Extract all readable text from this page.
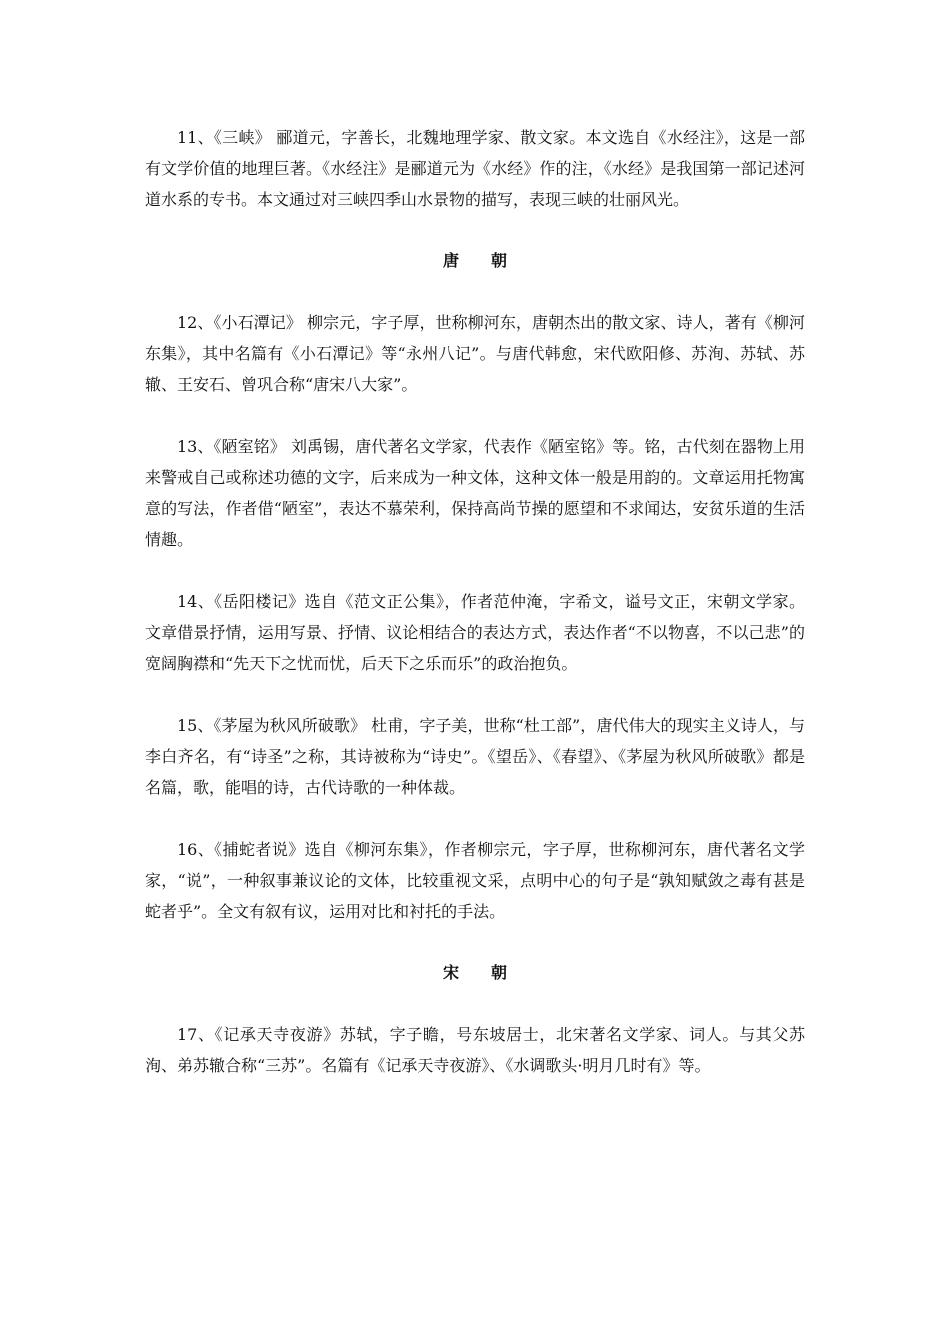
11、《三峡》 郦道元，字善长，北魏地理学家、散文家。本文选自《水经注》，这是一部有文学价值的地理巨著。《水经注》是郦道元为《水经》作的注，《水经》是我国第一部记述河道水系的专书。本文通过对三峡四季山水景物的描写，表现三峡的壮丽风光。

唐 朝

12、《小石潭记》 柳宗元，字子厚，世称柳河东，唐朝杰出的散文家、诗人，著有《柳河东集》，其中名篇有《小石潭记》等“永州八记”。与唐代韩愈，宋代欧阳修、苏洵、苏轼、苏辙、王安石、曾巩合称“唐宋八大家”。

13、《陋室铭》 刘禹锡，唐代著名文学家，代表作《陋室铭》等。铭，古代刻在器物上用来警戒自己或称述功德的文字，后来成为一种文体，这种文体一般是用韵的。文章运用托物寓意的写法，作者借“陋室”，表达不慕荣利，保持高尚节操的愿望和不求闻达，安贫乐道的生活情趣。

14、《岳阳楼记》选自《范文正公集》，作者范仲淹，字希文，谥号文正，宋朝文学家。文章借景抒情，运用写景、抒情、议论相结合的表达方式，表达作者“不以物喜，不以己悲”的宽阔胸襟和“先天下之忧而忧，后天下之乐而乐”的政治抱负。

15、《茅屋为秋风所破歌》 杜甫，字子美，世称“杜工部”，唐代伟大的现实主义诗人，与李白齐名，有“诗圣”之称，其诗被称为“诗史”。《望岳》、《春望》、《茅屋为秋风所破歌》都是名篇，歌，能唱的诗，古代诗歌的一种体裁。

16、《捕蛇者说》选自《柳河东集》，作者柳宗元，字子厚，世称柳河东，唐代著名文学家，“说”，一种叙事兼议论的文体，比较重视文采，点明中心的句子是“孰知赋敛之毒有甚是蛇者乎”。全文有叙有议，运用对比和衬托的手法。

宋 朝

17、《记承天寺夜游》苏轼，字子瞻，号东坡居士，北宋著名文学家、词人。与其父苏洵、弟苏辙合称“三苏”。名篇有《记承天寺夜游》、《水调歌头·明月几时有》等。
